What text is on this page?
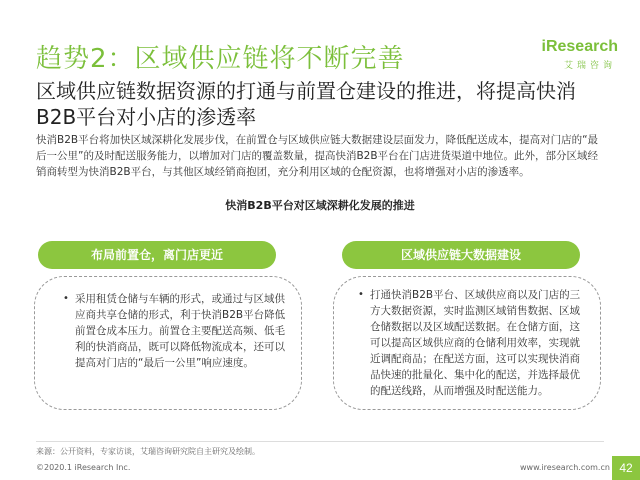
趋势2：区域供应链将不断完善	iResearch
艾瑞咨询
区域供应链数据资源的打通与前置仓建设的推进，将提高快消B2B平台对小店的渗透率
快消B2B平台将加快区域深耕化发展步伐，在前置仓与区域供应链大数据建设层面发力，降低配送成本，提高对门店的“最后一公里”的及时配送服务能力，以增加对门店的覆盖数量，提高快消B2B平台在门店进货渠道中地位。此外，部分区域经销商转型为快消B2B平台，与其他区域经销商抱团，充分利用区域的仓配资源，也将增强对小店的渗透率。
快消B2B平台对区域深耕化发展的推进
布局前置仓，离门店更近	区域供应链大数据建设
• 采用租赁仓储与车辆的形式，或通过与区域供应商共享仓储的形式，利于快消B2B平台降低前置仓成本压力。前置仓主要配送高频、低毛利的快消商品，既可以降低物流成本，还可以提高对门店的“最后一公里”响应速度。
• 打通快消B2B平台、区域供应商以及门店的三方大数据资源，实时监测区域销售数据、区域仓储数据以及区域配送数据。在仓储方面，这可以提高区域供应商的仓储利用效率，实现就近调配商品；在配送方面，这可以实现快消商品快速的批量化、集中化的配送，并选择最优的配送线路，从而增强及时配送能力。
来源：公开资料，专家访谈，艾瑞咨询研究院自主研究及绘制。
©2020.1 iResearch Inc.	www.iresearch.com.cn 42
